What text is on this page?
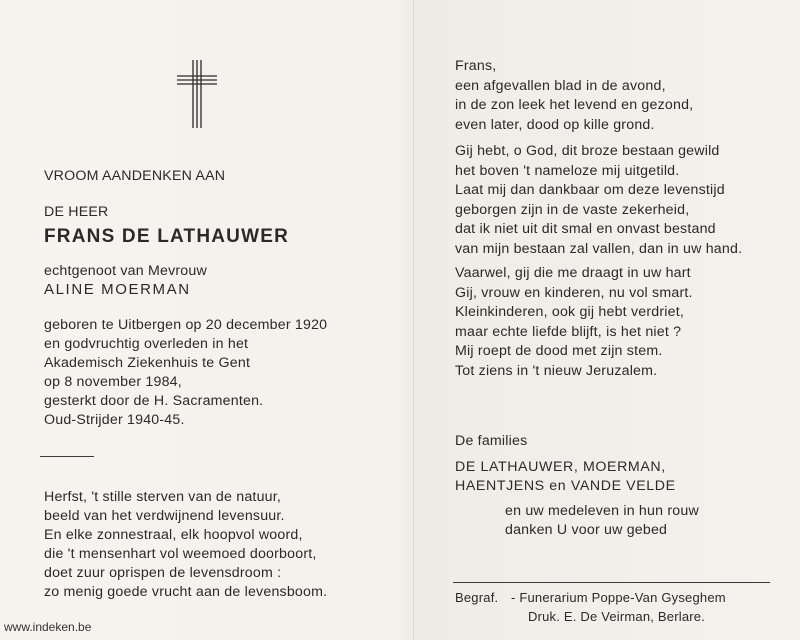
VROOM AANDENKEN AAN
DE HEER
FRANS DE LATHAUWER
echtgenoot van Mevrouw
ALINE MOERMAN
geboren te Uitbergen op 20 december 1920
en godvruchtig overleden in het
Akademisch Ziekenhuis te Gent
op 8 november 1984,
gesterkt door de H. Sacramenten.
Oud-Strijder 1940-45.
Herfst, 't stille sterven van de natuur,
beeld van het verdwijnend levensuur.
En elke zonnestraal, elk hoopvol woord,
die 't mensenhart vol weemoed doorboort,
doet zuur oprispen de levensdroom :
zo menig goede vrucht aan de levensboom.
Frans,
een afgevallen blad in de avond,
in de zon leek het levend en gezond,
even later, dood op kille grond.
Gij hebt, o God, dit broze bestaan gewild
het boven 't nameloze mij uitgetild.
Laat mij dan dankbaar om deze levenstijd
geborgen zijn in de vaste zekerheid,
dat ik niet uit dit smal en onvast bestand
van mijn bestaan zal vallen, dan in uw hand.
Vaarwel, gij die me draagt in uw hart
Gij, vrouw en kinderen, nu vol smart.
Kleinkinderen, ook gij hebt verdriet,
maar echte liefde blijft, is het niet ?
Mij roept de dood met zijn stem.
Tot ziens in 't nieuw Jeruzalem.
De families
DE LATHAUWER, MOERMAN,
HAENTJENS en VANDE VELDE
en uw medeleven in hun rouw
danken U voor uw gebed
Begraf. - Funerarium Poppe-Van Gyseghem
Druk. E. De Veirman, Berlare.
www.indeken.be
